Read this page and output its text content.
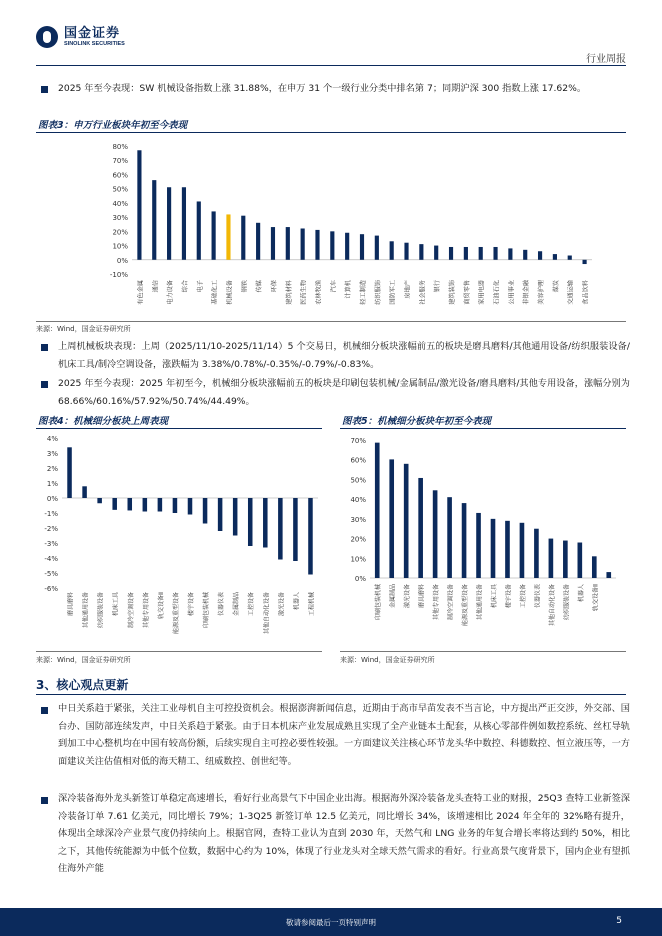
国金证券
SINOLINK SECURITIES
行业周报
2025 年至今表现：SW 机械设备指数上涨 31.88%，在申万 31 个一级行业分类中排名第 7；同期沪深 300 指数上涨 17.62%。
图表3：申万行业板块年初至今表现
-10%
0%
10%
20%
30%
40%
50%
60%
70%
80%
有色金属 通信 电力设备 综合 电子 基础化工 机械设备 钢铁 传媒 环保 建筑材料 医药生物 农林牧渔 汽车 计算机 轻工制造 纺织服饰 国防军工 房地产 社会服务 银行 建筑装饰 商贸零售 家用电器 石油石化 公用事业 非银金融 美容护理 煤炭 交通运输 食品饮料
来源：Wind，国金证券研究所
上周机械板块表现：上周（2025/11/10-2025/11/14）5 个交易日，机械细分板块涨幅前五的板块是磨具磨料/其他通用设备/纺织服装设备/机床工具/制冷空调设备，涨跌幅为 3.38%/0.78%/-0.35%/-0.79%/-0.83%。
2025 年至今表现：2025 年初至今，机械细分板块涨幅前五的板块是印刷包装机械/金属制品/激光设备/磨具磨料/其他专用设备，涨幅分别为 68.66%/60.16%/57.92%/50.74%/44.49%。
图表4：机械细分板块上周表现
-6%
-5%
-4%
-3%
-2%
-1%
0%
1%
2%
3%
4%
磨具磨料 其他通用设备 纺织服装设备 机床工具 制冷空调设备 其他专用设备 轨交设备Ⅱ 能源及重型设备 楼宇设备 印刷包装机械 仪器仪表 金属制品 工控设备 其他自动化设备 激光设备 机器人 工程机械
来源：Wind，国金证券研究所
图表5：机械细分板块年初至今表现
0%
10%
20%
30%
40%
50%
60%
70%
印刷包装机械 金属制品 激光设备 磨具磨料 其他专用设备 制冷空调设备 能源及重型设备 其他通用设备 机床工具 楼宇设备 工控设备 仪器仪表 其他自动化设备 纺织服装设备 机器人 轨交设备Ⅱ
来源：Wind，国金证券研究所
3、核心观点更新
中日关系趋于紧张，关注工业母机自主可控投资机会。根据澎湃新闻信息，近期由于高市早苗发表不当言论，中方提出严正交涉，外交部、国台办、国防部连续发声，中日关系趋于紧张。由于日本机床产业发展成熟且实现了全产业链本土配套，从核心零部件例如数控系统、丝杠导轨到加工中心整机均在中国有较高份额，后续实现自主可控必要性较强。一方面建议关注核心环节龙头华中数控、科德数控、恒立液压等，一方面建议关注估值相对低的海天精工、纽威数控、创世纪等。
深冷装备海外龙头新签订单稳定高速增长，看好行业高景气下中国企业出海。根据海外深冷装备龙头查特工业的财报，25Q3 查特工业新签深冷装备订单 7.61 亿美元，同比增长 79%；1-3Q25 新签订单 12.5 亿美元，同比增长 34%，该增速相比 2024 年全年的 32%略有提升，体现出全球深冷产业景气度仍持续向上。根据官网，查特工业认为直到 2030 年，天然气和 LNG 业务的年复合增长率将达到约 50%，相比之下，其他传统能源为中低个位数，数据中心约为 10%，体现了行业龙头对全球天然气需求的看好。行业高景气度背景下，国内企业有望抓住海外产能
敬请参阅最后一页特别声明	5
